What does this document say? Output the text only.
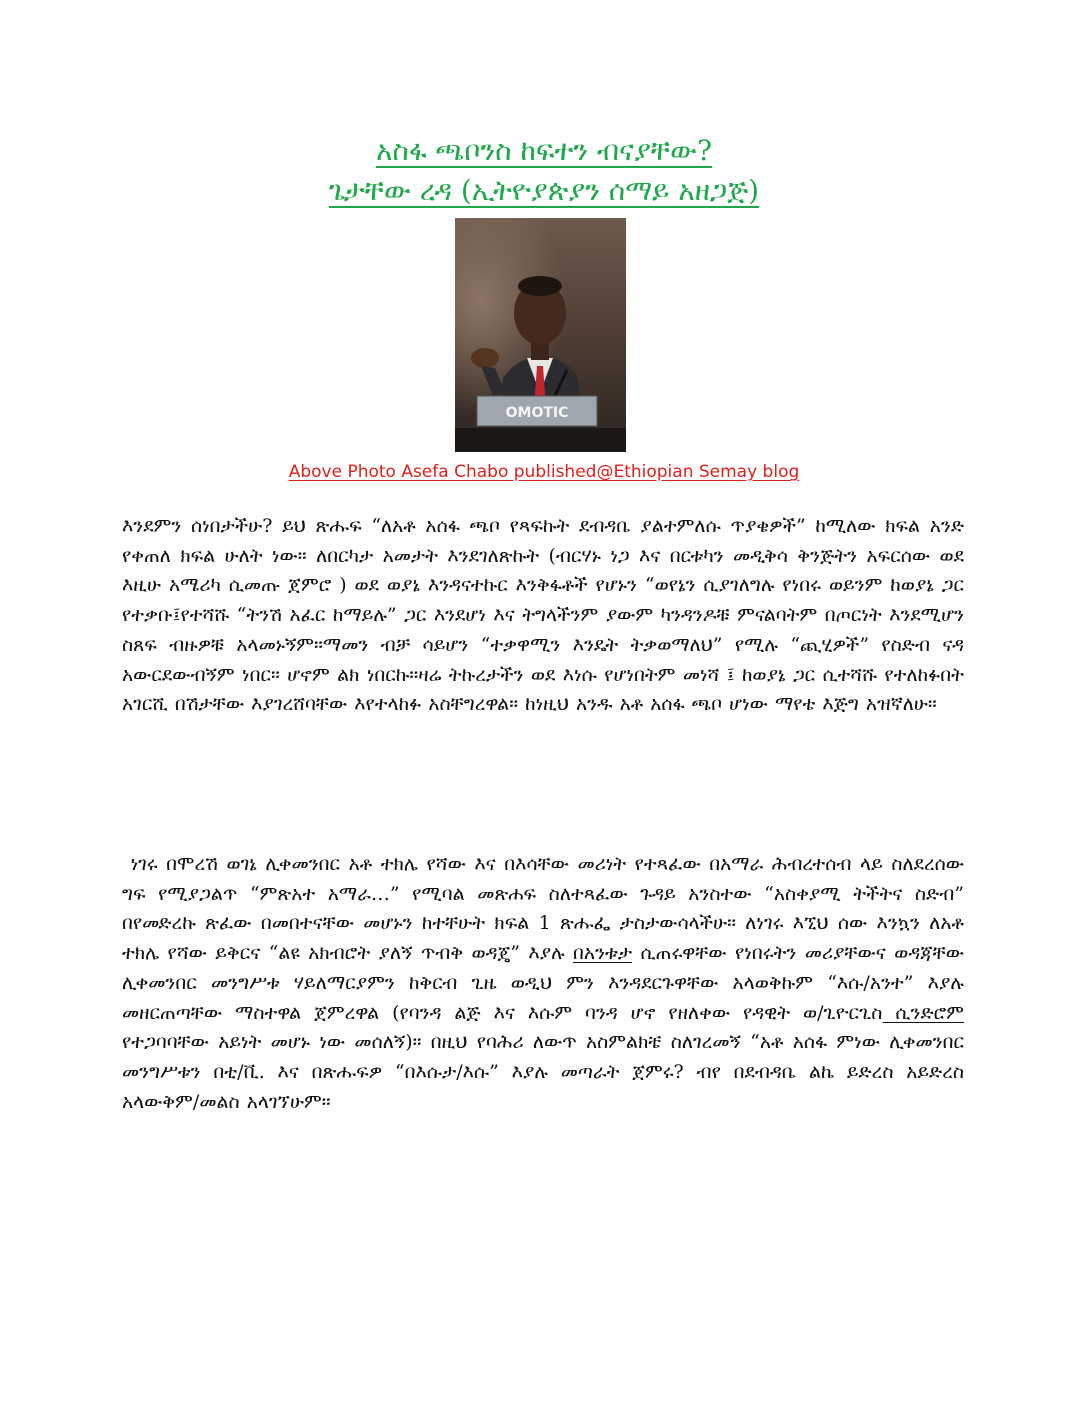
አስፋ ጫቦንስ ከፍተን ብናያቸው?
ጌታቸው ረዳ (ኢትዮያጵያን ሰማይ አዘጋጅ)
OMOTIC
Above Photo Asefa Chabo published@Ethiopian Semay blog
እንደምን ሰነበታችሁ? ይህ ጽሑፍ “ለአቶ አሰፋ ጫቦ የጻፍኩት ደብዳቤ ያልተምለሱ ጥያቄዎች” ከሚለው ክፍል አንድ የቀጠለ ክፍል ሁለት ነው። ለበርካታ አመታት እንደገለጽኩት (ብርሃኑ ነጋ እና በርቱካን መዲቅሳ ቅንጅትን አፍርሰው ወደ እዚሁ አሜሪካ ሲመጡ ጀምሮ ) ወደ ወያኔ እንዳናተኩር እንቅፋቶች የሆኑን “ወየኔን ሲያገለግሉ የነበሩ ወይንም ከወያኔ ጋር የተቃቡ፤የተሻሹ “ትንሽ አፈር ከማይሉ” ጋር እንደሆነ እና ትግላችንም ያውም ካንዳንዶቹ ምናልባትም በጦርነት እንደሚሆን ስጸፍ ብዙዎቹ አላመኑኝም።ማመን ብቻ ሳይሆን “ተቃዋሚን እንዴት ትቃወማለህ” የሚሉ “ጪሂዎች” የስድብ ናዳ አውርደውብኝም ነበር። ሆኖም ልክ ነበርኩ።ዛሬ ትኩረታችን ወደ እነሱ የሆነበትም መነሻ ፤ ከወያኔ ጋር ሲተሻሹ የተለከፉበት አገርሺ በሽታቸው እያገረሸባቸው እየተላከፉ አስቸግረዋል። ከነዚህ አንዱ አቶ አሰፋ ጫቦ ሆነው ማየቴ እጅግ አዝኛለሁ።
ነገሩ በሞረሽ ወገኔ ሊቀመንበር አቶ ተክሌ የሻው እና በእሳቸው መሪነት የተጻፈው በአማራ ሕብረተሰብ ላይ ስለደረሰው ግፍ የሚያጋልጥ “ምጽአተ አማራ…” የሚባል መጽሐፍ ስለተጻፈው ጉዳይ አንስተው “አስቀያሚ ትችትና ስድብ” በየመድረኩ ጽፈው በመበተናቸው መሆኑን ከተቸሁት ክፍል 1 ጽሑፌ ታስታውሳላችሁ። ለነገሩ እኚህ ሰው እንኳን ለአቶ ተክሌ የሻው ይቅርና “ልዩ አክብሮት ያለኝ ጥብቅ ወዳጄ” እያሉ በአንቱታ ሲጠሩዋቸው የነበሩትን መሪያቸውና ወዳጃቸው ሊቀመንበር መንግሥቱ ሃይለማርያምን ከቅርብ ጊዜ ወዲህ ምን እንዳደርጉዋቸው አላወቅኩም “እሱ/አንተ” እያሉ መዘርጠጣቸው ማስተዋል ጀምረዋል (የባንዳ ልጅ እና እሱም ባንዳ ሆኖ የዘለቀው የዳዊት ወ/ጊዮርጊስ ሲንድሮም የተጋባባቸው አይነት መሆኑ ነው መሰለኝ)። በዚህ የባሕሪ ለውጥ አስምልክቼ ስለገረመኝ “አቶ አሰፋ ምነው ሊቀመንበር መንግሥቱን በቲ/ቪ. እና በጽሑፍዎ “በእሱታ/እሱ” እያሉ መጣራት ጀምሩ? ብየ በደብዳቤ ልኬ ይድረስ አይድረስ አላውቅም/መልስ አላገኘሁም።
